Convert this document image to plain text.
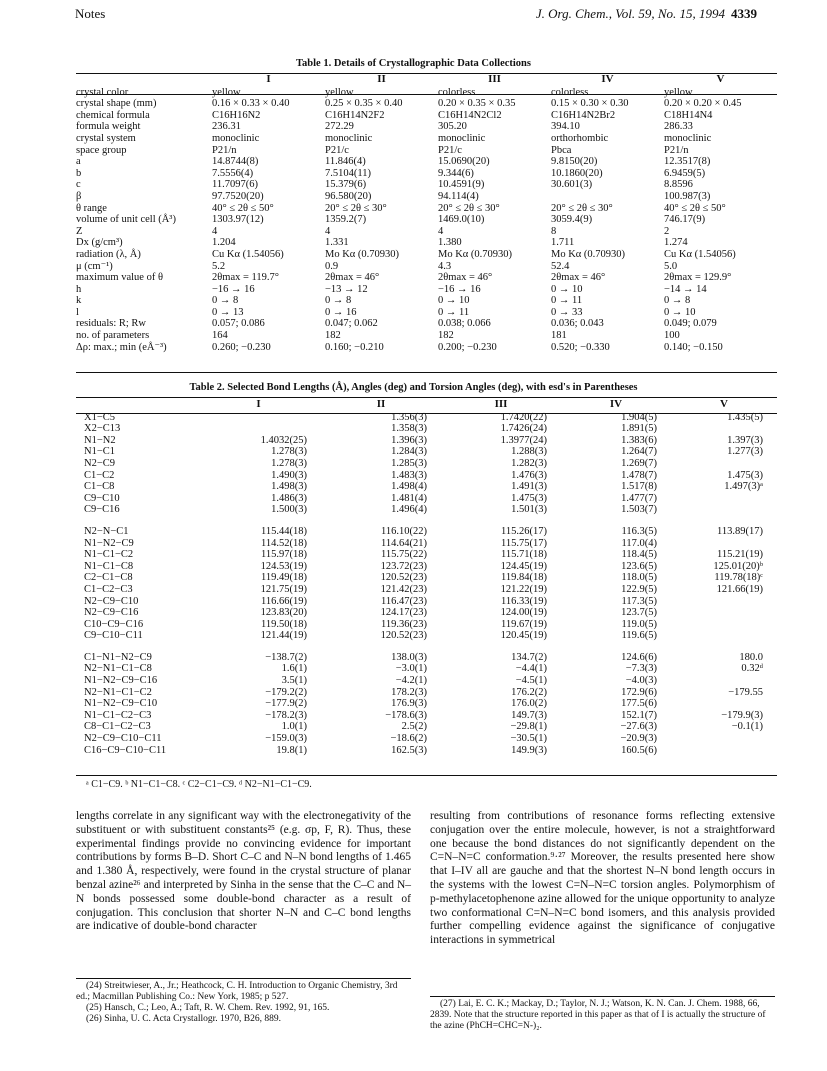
Notes	J. Org. Chem., Vol. 59, No. 15, 1994 4339
Table 1. Details of Crystallographic Data Collections
	I	II	III	IV	V
crystal color	yellow	yellow	colorless	colorless	yellow
crystal shape (mm)	0.16 × 0.33 × 0.40	0.25 × 0.35 × 0.40	0.20 × 0.35 × 0.35	0.15 × 0.30 × 0.30	0.20 × 0.20 × 0.45
chemical formula	C16H16N2	C16H14N2F2	C16H14N2Cl2	C16H14N2Br2	C18H14N4
formula weight	236.31	272.29	305.20	394.10	286.33
crystal system	monoclinic	monoclinic	monoclinic	orthorhombic	monoclinic
space group	P21/n	P21/c	P21/c	Pbca	P21/n
a	14.8744(8)	11.846(4)	15.0690(20)	9.8150(20)	12.3517(8)
b	7.5556(4)	7.5104(11)	9.344(6)	10.1860(20)	6.9459(5)
c	11.7097(6)	15.379(6)	10.4591(9)	30.601(3)	8.8596
β	97.7520(20)	96.580(20)	94.114(4)		100.987(3)
θ range	40° ≤ 2θ ≤ 50°	20° ≤ 2θ ≤ 30°	20° ≤ 2θ ≤ 30°	20° ≤ 2θ ≤ 30°	40° ≤ 2θ ≤ 50°
volume of unit cell (Å³)	1303.97(12)	1359.2(7)	1469.0(10)	3059.4(9)	746.17(9)
Z	4	4	4	8	2
Dx (g/cm³)	1.204	1.331	1.380	1.711	1.274
radiation (λ, Å)	Cu Kα (1.54056)	Mo Kα (0.70930)	Mo Kα (0.70930)	Mo Kα (0.70930)	Cu Kα (1.54056)
μ (cm⁻¹)	5.2	0.9	4.3	52.4	5.0
maximum value of θ	2θmax = 119.7°	2θmax = 46°	2θmax = 46°	2θmax = 46°	2θmax = 129.9°
h	−16 → 16	−13 → 12	−16 → 16	0 → 10	−14 → 14
k	0 → 8	0 → 8	0 → 10	0 → 11	0 → 8
l	0 → 13	0 → 16	0 → 11	0 → 33	0 → 10
residuals: R; Rw	0.057; 0.086	0.047; 0.062	0.038; 0.066	0.036; 0.043	0.049; 0.079
no. of parameters	164	182	182	181	100
Δρ: max.; min (eÅ⁻³)	0.260; −0.230	0.160; −0.210	0.200; −0.230	0.520; −0.330	0.140; −0.150
Table 2. Selected Bond Lengths (Å), Angles (deg) and Torsion Angles (deg), with esd's in Parentheses
	I	II	III	IV	V
X1−C5		1.356(3)	1.7420(22)	1.904(5)	1.435(5)
X2−C13		1.358(3)	1.7426(24)	1.891(5)	
N1−N2	1.4032(25)	1.396(3)	1.3977(24)	1.383(6)	1.397(3)
N1−C1	1.278(3)	1.284(3)	1.288(3)	1.264(7)	1.277(3)
N2−C9	1.278(3)	1.285(3)	1.282(3)	1.269(7)	
C1−C2	1.490(3)	1.483(3)	1.476(3)	1.478(7)	1.475(3)
C1−C8	1.498(3)	1.498(4)	1.491(3)	1.517(8)	1.497(3)ᵃ
C9−C10	1.486(3)	1.481(4)	1.475(3)	1.477(7)	
C9−C16	1.500(3)	1.496(4)	1.501(3)	1.503(7)	

N2−N−C1	115.44(18)	116.10(22)	115.26(17)	116.3(5)	113.89(17)
N1−N2−C9	114.52(18)	114.64(21)	115.75(17)	117.0(4)	
N1−C1−C2	115.97(18)	115.75(22)	115.71(18)	118.4(5)	115.21(19)
N1−C1−C8	124.53(19)	123.72(23)	124.45(19)	123.6(5)	125.01(20)ᵇ
C2−C1−C8	119.49(18)	120.52(23)	119.84(18)	118.0(5)	119.78(18)ᶜ
C1−C2−C3	121.75(19)	121.42(23)	121.22(19)	122.9(5)	121.66(19)
N2−C9−C10	116.66(19)	116.47(23)	116.33(19)	117.3(5)	
N2−C9−C16	123.83(20)	124.17(23)	124.00(19)	123.7(5)	
C10−C9−C16	119.50(18)	119.36(23)	119.67(19)	119.0(5)	
C9−C10−C11	121.44(19)	120.52(23)	120.45(19)	119.6(5)	

C1−N1−N2−C9	−138.7(2)	138.0(3)	134.7(2)	124.6(6)	180.0
N2−N1−C1−C8	1.6(1)	−3.0(1)	−4.4(1)	−7.3(3)	0.32ᵈ
N1−N2−C9−C16	3.5(1)	−4.2(1)	−4.5(1)	−4.0(3)	
N2−N1−C1−C2	−179.2(2)	178.2(3)	176.2(2)	172.9(6)	−179.55
N1−N2−C9−C10	−177.9(2)	176.9(3)	176.0(2)	177.5(6)	
N1−C1−C2−C3	−178.2(3)	−178.6(3)	149.7(3)	152.1(7)	−179.9(3)
C8−C1−C2−C3	1.0(1)	2.5(2)	−29.8(1)	−27.6(3)	−0.1(1)
N2−C9−C10−C11	−159.0(3)	−18.6(2)	−30.5(1)	−20.9(3)	
C16−C9−C10−C11	19.8(1)	162.5(3)	149.9(3)	160.5(6)	
ᵃ C1−C9. ᵇ N1−C1−C8. ᶜ C2−C1−C9. ᵈ N2−N1−C1−C9.
lengths correlate in any significant way with the electronegativity of the substituent or with substituent constants²⁵ (e.g. σp, F, R). Thus, these experimental findings provide no convincing evidence for important contributions by forms B–D. Short C–C and N–N bond lengths of 1.465 and 1.380 Å, respectively, were found in the crystal structure of planar benzal azine²⁶ and interpreted by Sinha in the sense that the C–C and N–N bonds possessed some double-bond character as a result of conjugation. This conclusion that shorter N–N and C–C bond lengths are indicative of double-bond character
resulting from contributions of resonance forms reflecting extensive conjugation over the entire molecule, however, is not a straightforward one because the bond distances do not significantly dependent on the C=N–N=C conformation.⁹·²⁷ Moreover, the results presented here show that I–IV all are gauche and that the shortest N–N bond length occurs in the systems with the lowest C=N–N=C torsion angles. Polymorphism of p-methylacetophenone azine allowed for the unique opportunity to analyze two conformational C=N–N=C bond isomers, and this analysis provided further compelling evidence against the significance of conjugative interactions in symmetrical
(24) Streitwieser, A., Jr.; Heathcock, C. H. Introduction to Organic Chemistry, 3rd ed.; Macmillan Publishing Co.: New York, 1985; p 527.
(25) Hansch, C.; Leo, A.; Taft, R. W. Chem. Rev. 1992, 91, 165.
(26) Sinha, U. C. Acta Crystallogr. 1970, B26, 889.
(27) Lai, E. C. K.; Mackay, D.; Taylor, N. J.; Watson, K. N. Can. J. Chem. 1988, 66, 2839. Note that the structure reported in this paper as that of I is actually the structure of the azine (PhCH=CHC=N-)₂.
